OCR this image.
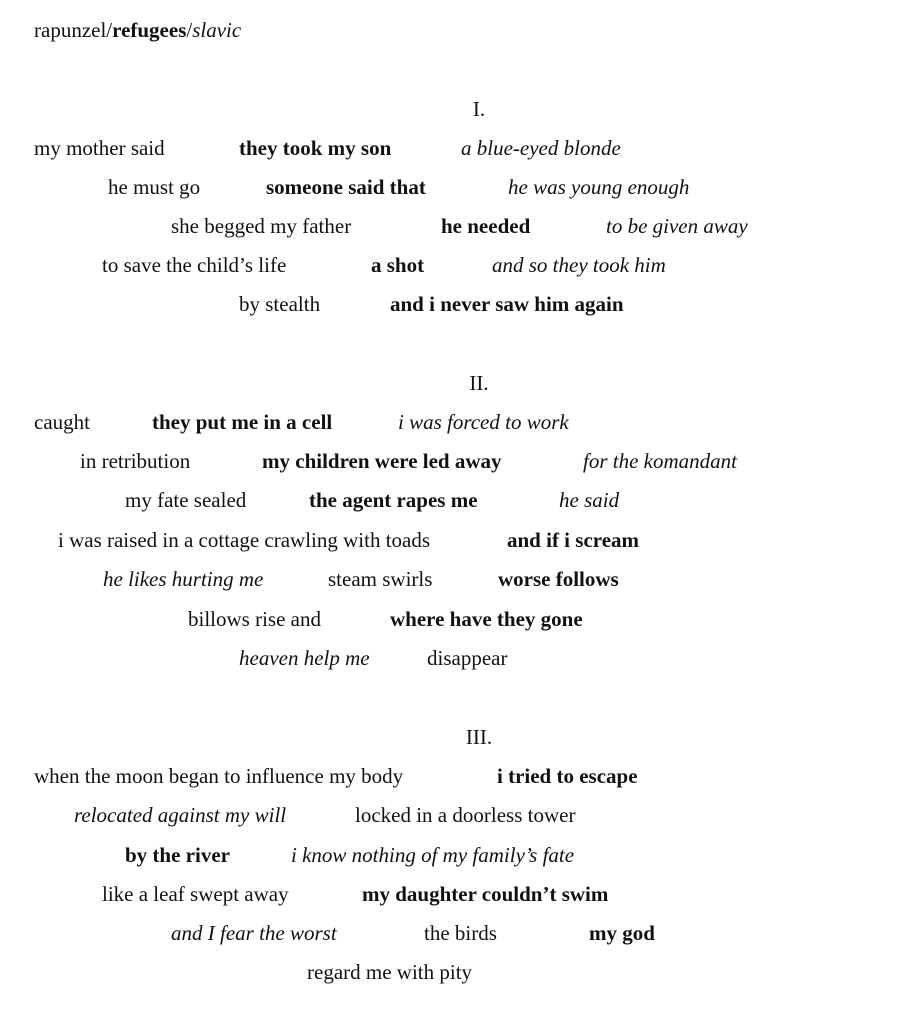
rapunzel/refugees/slavic
I.
my mother said	they took my son	a blue-eyed blonde
he must go	someone said that	he was young enough
she begged my father	he needed	to be given away
to save the child’s life	a shot	and so they took him
by stealth	and i never saw him again
II.
caught	they put me in a cell	i was forced to work
in retribution	my children were led away	for the komandant
my fate sealed	the agent rapes me	he said
i was raised in a cottage crawling with toads	and if i scream
he likes hurting me	steam swirls	worse follows
billows rise and	where have they gone
heaven help me	disappear
III.
when the moon began to influence my body	i tried to escape
relocated against my will	locked in a doorless tower
by the river	i know nothing of my family’s fate
like a leaf swept away	my daughter couldn’t swim
and I fear the worst	the birds	my god
regard me with pity
